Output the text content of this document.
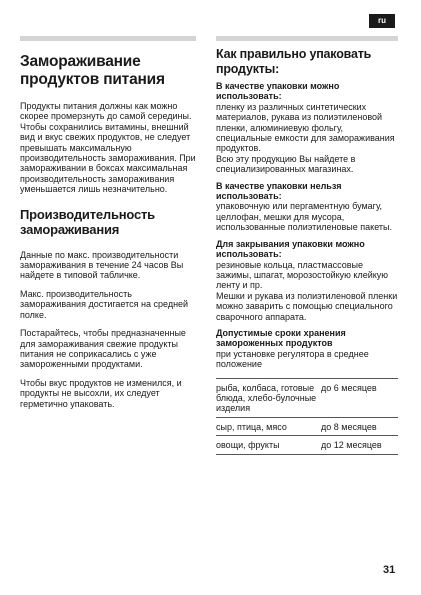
ru
Замораживание продуктов питания

Продукты питания должны как можно скорее промерзнуть до самой середины. Чтобы сохранились витамины, внешний вид и вкус свежих продуктов, не следует превышать максимальную производительность замораживания. При замораживании в боксах максимальная производительность замораживания уменьшается лишь незначительно.

Производительность замораживания

Данные по макс. производительности замораживания в течение 24 часов Вы найдете в типовой табличке.

Макс. производительность замораживания достигается на средней полке.

Постарайтесь, чтобы предназначенные для замораживания свежие продукты питания не соприкасались с уже замороженными продуктами.

Чтобы вкус продуктов не изменился, и продукты не высохли, их следует герметично упаковать.

Как правильно упаковать продукты:
В качестве упаковки можно использовать:

пленку из различных синтетических материалов, рукава из полиэтиленовой пленки, алюминиевую фольгу, специальные емкости для замораживания продуктов.

Всю эту продукцию Вы найдете в специализированных магазинах.

В качестве упаковки нельзя использовать:

упаковочную или пергаментную бумагу, целлофан, мешки для мусора, использованные полиэтиленовые пакеты.

Для закрывания упаковки можно использовать:

резиновые кольца, пластмассовые зажимы, шпагат, морозостойкую клейкую ленту и пр.

Мешки и рукава из полиэтиленовой пленки можно заварить с помощью специального сварочного аппарата.

Допустимые сроки хранения замороженных продуктов

при установке регулятора в среднее положение

рыба, колбаса, готовые блюда, хлебо-булочные изделия	до 6 месяцев
сыр, птица, мясо	до 8 месяцев
овощи, фрукты	до 12 месяцев
31
